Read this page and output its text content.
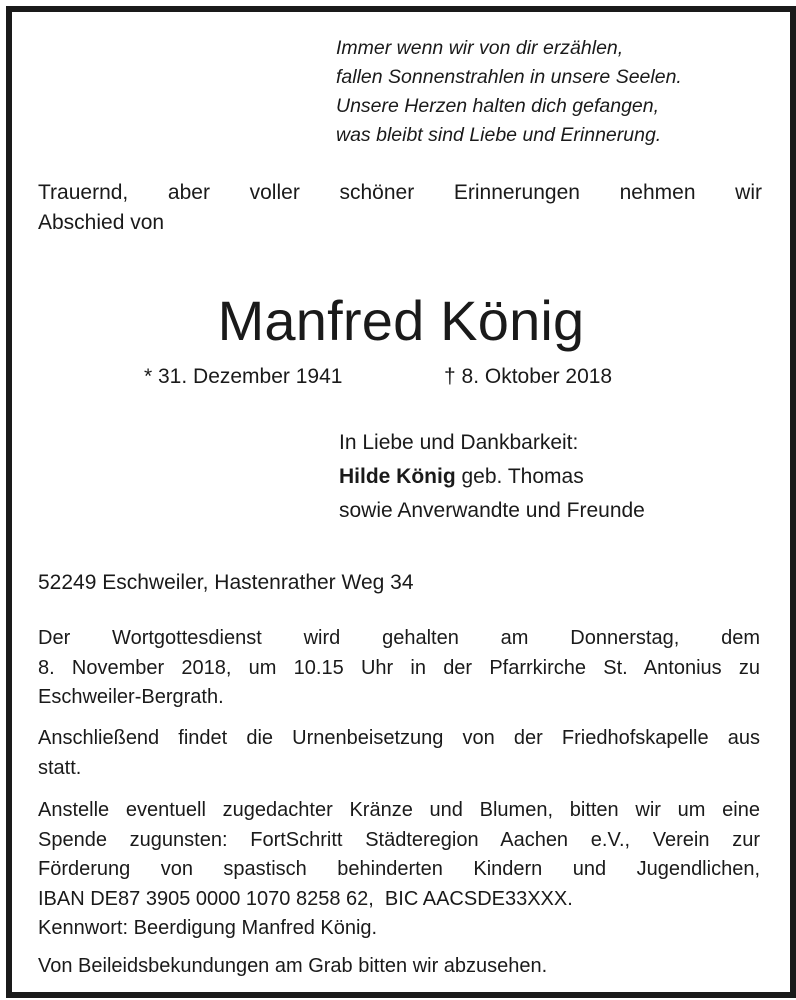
Immer wenn wir von dir erzählen,
fallen Sonnenstrahlen in unsere Seelen.
Unsere Herzen halten dich gefangen,
was bleibt sind Liebe und Erinnerung.
Trauernd, aber voller schöner Erinnerungen nehmen wir
Abschied von
Manfred König
* 31. Dezember 1941	† 8. Oktober 2018
In Liebe und Dankbarkeit:
Hilde König geb. Thomas
sowie Anverwandte und Freunde
52249 Eschweiler, Hastenrather Weg 34
Der Wortgottesdienst wird gehalten am Donnerstag, dem
8. November 2018, um 10.15 Uhr in der Pfarrkirche St. Antonius zu
Eschweiler-Bergrath.
Anschließend findet die Urnenbeisetzung von der Friedhofskapelle aus
statt.
Anstelle eventuell zugedachter Kränze und Blumen, bitten wir um eine
Spende zugunsten: FortSchritt Städteregion Aachen e.V., Verein zur
Förderung von spastisch behinderten Kindern und Jugendlichen,
IBAN DE87 3905 0000 1070 8258 62,  BIC AACSDE33XXX.
Kennwort: Beerdigung Manfred König.
Von Beileidsbekundungen am Grab bitten wir abzusehen.
